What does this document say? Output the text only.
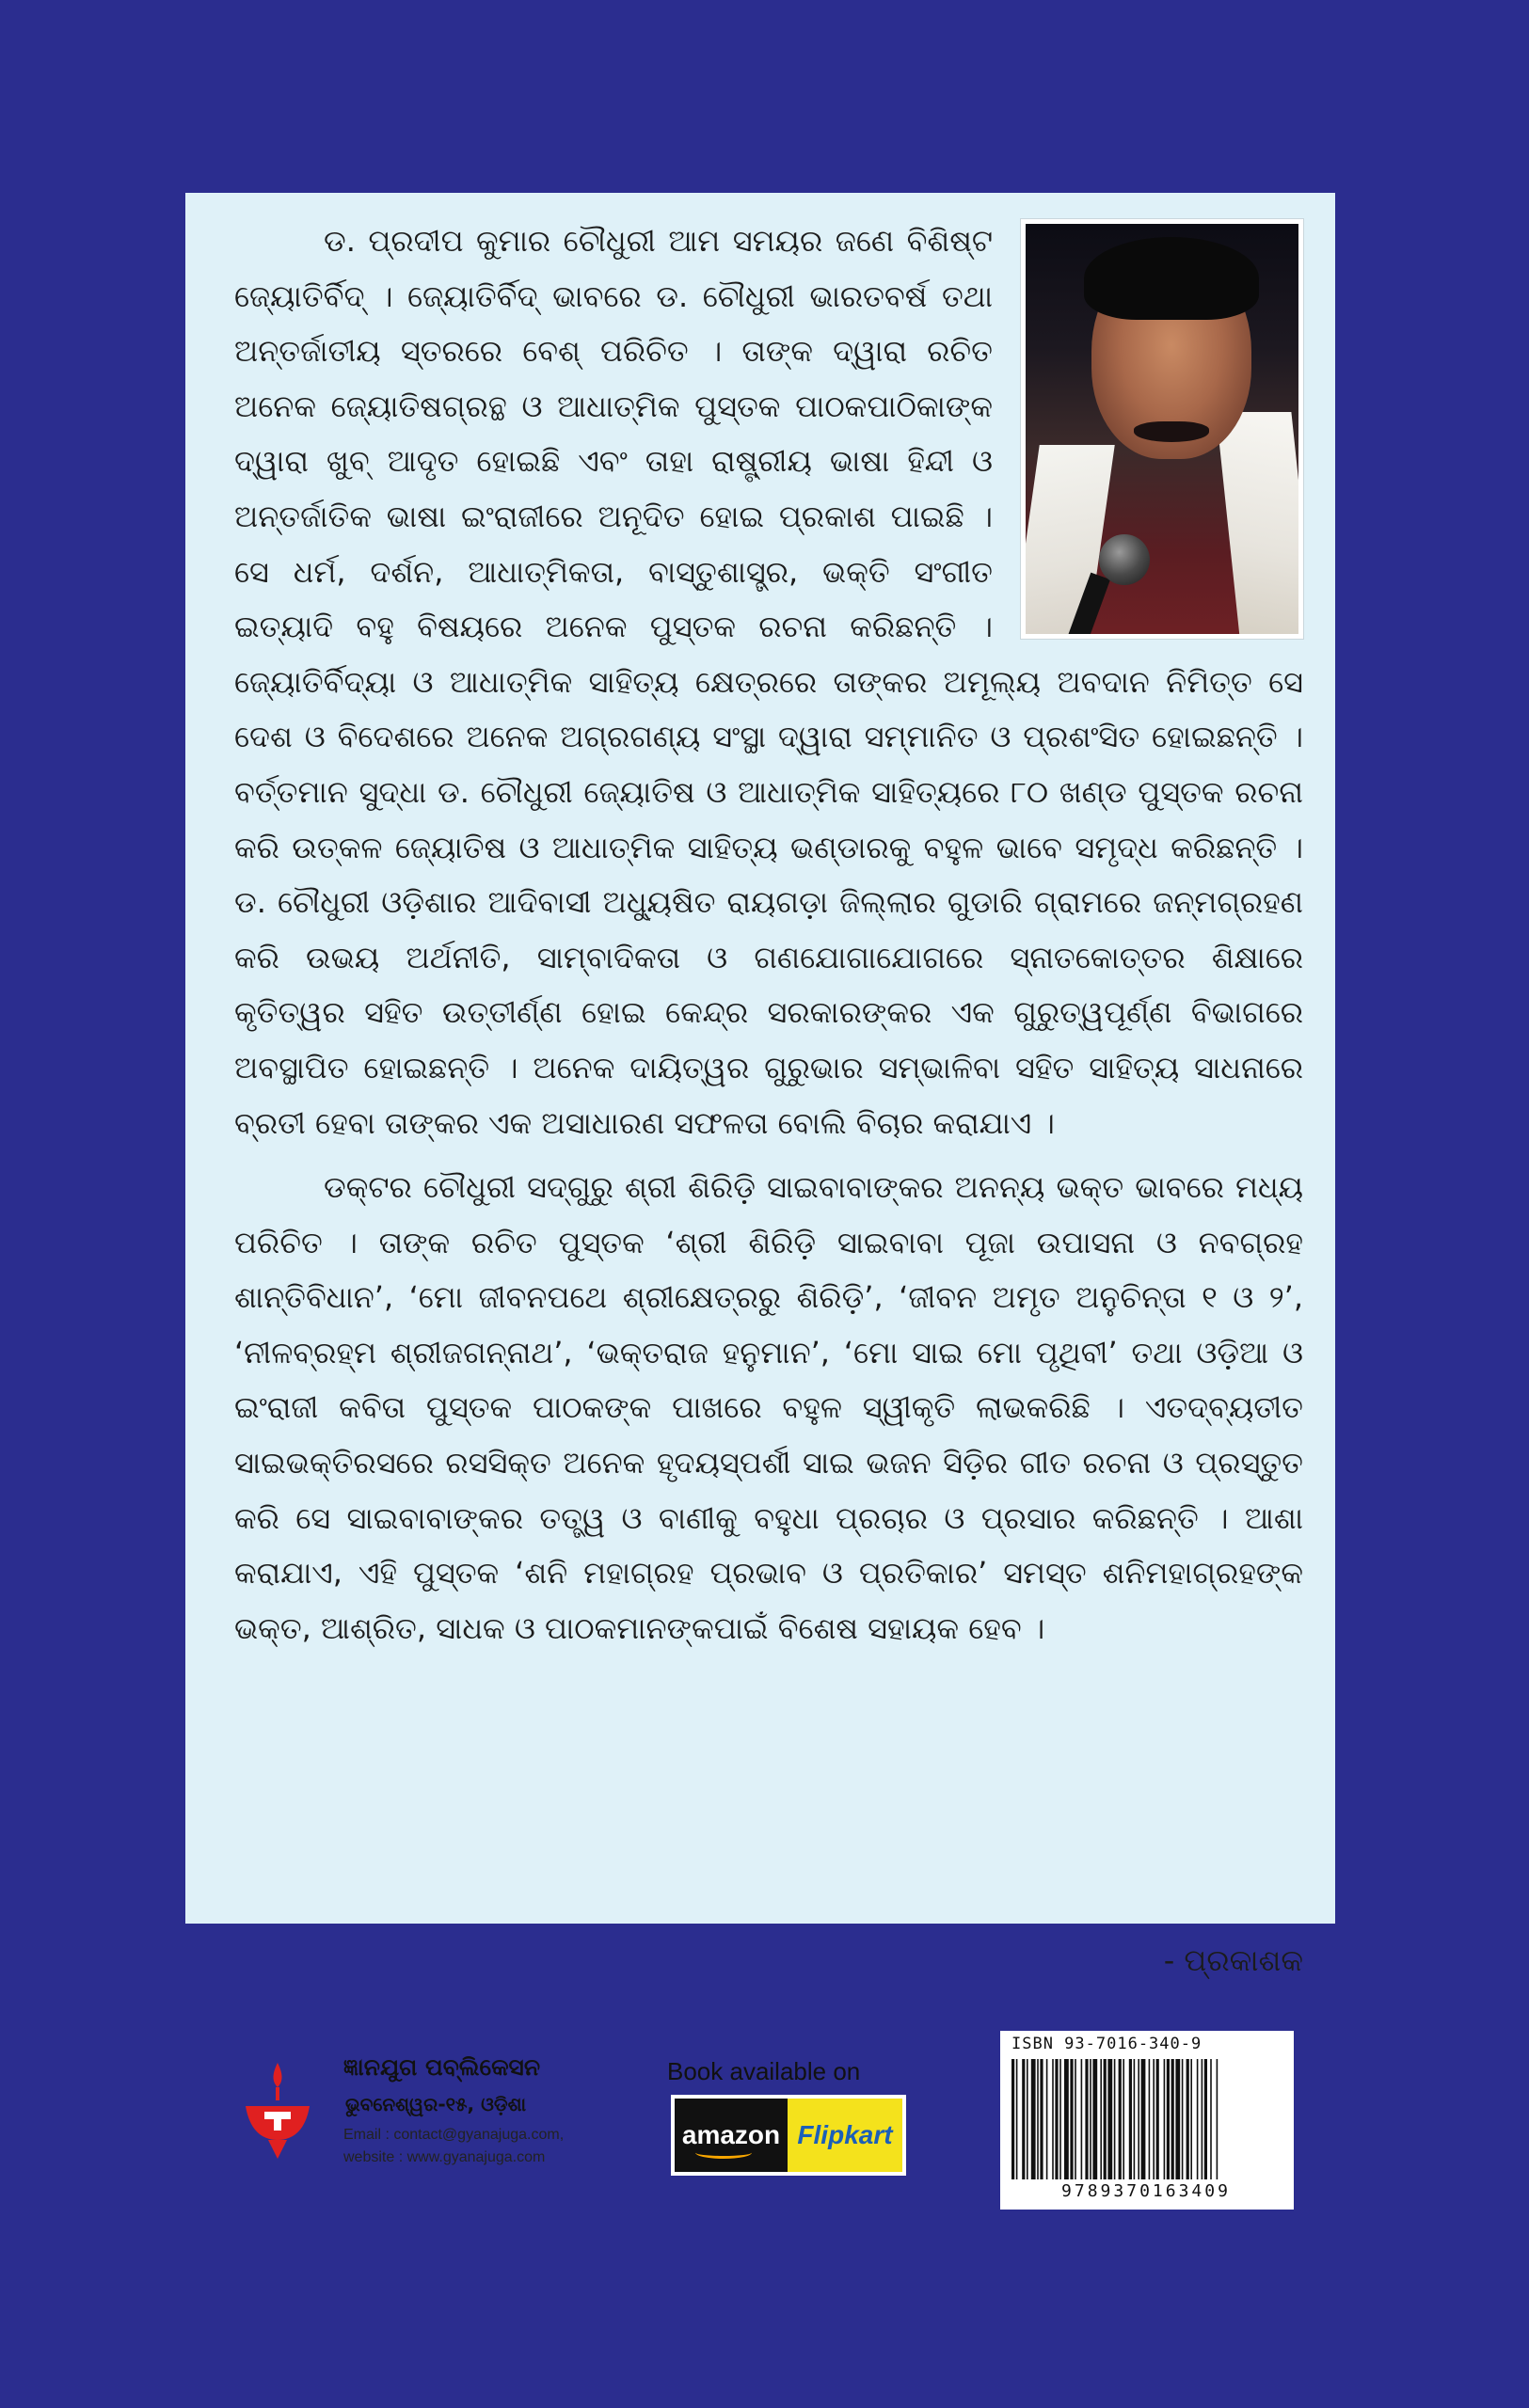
ଡ. ପ୍ରଦୀପ କୁମାର ଚୌଧୁରୀ ଆମ ସମୟର ଜଣେ ବିଶିଷ୍ଟ ଜ୍ୟୋତିର୍ବିଦ୍ । ଜ୍ୟୋତିର୍ବିଦ୍ ଭାବରେ ଡ. ଚୌଧୁରୀ ଭାରତବର୍ଷ ତଥା ଅନ୍ତର୍ଜାତୀୟ ସ୍ତରରେ ବେଶ୍ ପରିଚିତ । ତାଙ୍କ ଦ୍ୱାରା ରଚିତ ଅନେକ ଜ୍ୟୋତିଷଗ୍ରନ୍ଥ ଓ ଆଧାତ୍ମିକ ପୁସ୍ତକ ପାଠକପାଠିକାଙ୍କ ଦ୍ୱାରା ଖୁବ୍ ଆଦୃତ ହୋଇଛି ଏବଂ ତାହା ରାଷ୍ଟ୍ରୀୟ ଭାଷା ହିନ୍ଦୀ ଓ ଅନ୍ତର୍ଜାତିକ ଭାଷା ଇଂରାଜୀରେ ଅନୂଦିତ ହୋଇ ପ୍ରକାଶ ପାଇଛି । ସେ ଧର୍ମ, ଦର୍ଶନ, ଆଧାତ୍ମିକତା, ବାସ୍ତୁଶାସ୍ତ୍ର, ଭକ୍ତି ସଂଗୀତ ଇତ୍ୟାଦି ବହୁ ବିଷୟରେ ଅନେକ ପୁସ୍ତକ ରଚନା କରିଛନ୍ତି । ଜ୍ୟୋତିର୍ବିଦ୍ୟା ଓ ଆଧାତ୍ମିକ ସାହିତ୍ୟ କ୍ଷେତ୍ରରେ ତାଙ୍କର ଅମୂଲ୍ୟ ଅବଦାନ ନିମିତ୍ତ ସେ ଦେଶ ଓ ବିଦେଶରେ ଅନେକ ଅଗ୍ରଗଣ୍ୟ ସଂସ୍ଥା ଦ୍ୱାରା ସମ୍ମାନିତ ଓ ପ୍ରଶଂସିତ ହୋଇଛନ୍ତି । ବର୍ତ୍ତମାନ ସୁଦ୍ଧା ଡ. ଚୌଧୁରୀ ଜ୍ୟୋତିଷ ଓ ଆଧାତ୍ମିକ ସାହିତ୍ୟରେ ୮୦ ଖଣ୍ଡ ପୁସ୍ତକ ରଚନା କରି ଉତ୍କଳ ଜ୍ୟୋତିଷ ଓ ଆଧାତ୍ମିକ ସାହିତ୍ୟ ଭଣ୍ଡାରକୁ ବହୁଳ ଭାବେ ସମୃଦ୍ଧ କରିଛନ୍ତି । ଡ. ଚୌଧୁରୀ ଓଡ଼ିଶାର ଆଦିବାସୀ ଅଧ୍ୟୁଷିତ ରାୟଗଡ଼ା ଜିଲ୍ଲାର ଗୁଡାରି ଗ୍ରାମରେ ଜନ୍ମଗ୍ରହଣ କରି ଉଭୟ ଅର୍ଥନୀତି, ସାମ୍ବାଦିକତା ଓ ଗଣଯୋଗାଯୋଗରେ ସ୍ନାତକୋତ୍ତର ଶିକ୍ଷାରେ କୃତିତ୍ୱର ସହିତ ଉତ୍ତୀର୍ଣ୍ଣ ହୋଇ କେନ୍ଦ୍ର ସରକାରଙ୍କର ଏକ ଗୁରୁତ୍ୱପୂର୍ଣ୍ଣ ବିଭାଗରେ ଅବସ୍ଥାପିତ ହୋଇଛନ୍ତି । ଅନେକ ଦାୟିତ୍ୱର ଗୁରୁଭାର ସମ୍ଭାଳିବା ସହିତ ସାହିତ୍ୟ ସାଧନାରେ ବ୍ରତୀ ହେବା ତାଙ୍କର ଏକ ଅସାଧାରଣ ସଫଳତା ବୋଲି ବିଚାର କରାଯାଏ ।

ଡକ୍ଟର ଚୌଧୁରୀ ସଦ୍‌ଗୁରୁ ଶ୍ରୀ ଶିରିଡ଼ି ସାଇବାବାଙ୍କର ଅନନ୍ୟ ଭକ୍ତ ଭାବରେ ମଧ୍ୟ ପରିଚିତ । ତାଙ୍କ ରଚିତ ପୁସ୍ତକ ‘ଶ୍ରୀ ଶିରିଡ଼ି ସାଇବାବା ପୂଜା ଉପାସନା ଓ ନବଗ୍ରହ ଶାନ୍ତିବିଧାନ’, ‘ମୋ ଜୀବନପଥେ ଶ୍ରୀକ୍ଷେତ୍ରରୁ ଶିରିଡ଼ି’, ‘ଜୀବନ ଅମୃତ ଅନୁଚିନ୍ତା ୧ ଓ ୨’, ‘ନୀଳବ୍ରହ୍ମ ଶ୍ରୀଜଗନ୍ନାଥ’, ‘ଭକ୍ତରାଜ ହନୁମାନ’, ‘ମୋ ସାଇ ମୋ ପୃଥିବୀ’ ତଥା ଓଡ଼ିଆ ଓ ଇଂରାଜୀ କବିତା ପୁସ୍ତକ ପାଠକଙ୍କ ପାଖରେ ବହୁଳ ସ୍ୱୀକୃତି ଲାଭକରିଛି । ଏତଦ୍‌ବ୍ୟତୀତ ସାଇଭକ୍ତିରସରେ ରସସିକ୍ତ ଅନେକ ହୃଦୟସ୍ପର୍ଶୀ ସାଇ ଭଜନ ସିଡ଼ିର ଗୀତ ରଚନା ଓ ପ୍ରସ୍ତୁତ କରି ସେ ସାଇବାବାଙ୍କର ତତ୍ତ୍ୱ ଓ ବାଣୀକୁ ବହୁଧା ପ୍ରଚାର ଓ ପ୍ରସାର କରିଛନ୍ତି । ଆଶା କରାଯାଏ, ଏହି ପୁସ୍ତକ ‘ଶନି ମହାଗ୍ରହ ପ୍ରଭାବ ଓ ପ୍ରତିକାର’ ସମସ୍ତ ଶନିମହାଗ୍ରହଙ୍କ ଭକ୍ତ, ଆଶ୍ରିତ, ସାଧକ ଓ ପାଠକମାନଙ୍କପାଇଁ ବିଶେଷ ସହାୟକ ହେବ ।

- ପ୍ରକାଶକ
ଜ୍ଞାନଯୁଗ ପବ୍ଲିକେସନ
ଭୁବନେଶ୍ୱର-୧୫, ଓଡ଼ିଶା
Email : contact@gyanajuga.com,
website : www.gyanajuga.com
Book available on
amazon Flipkart
ISBN 93-7016-340-9
9789370163409
